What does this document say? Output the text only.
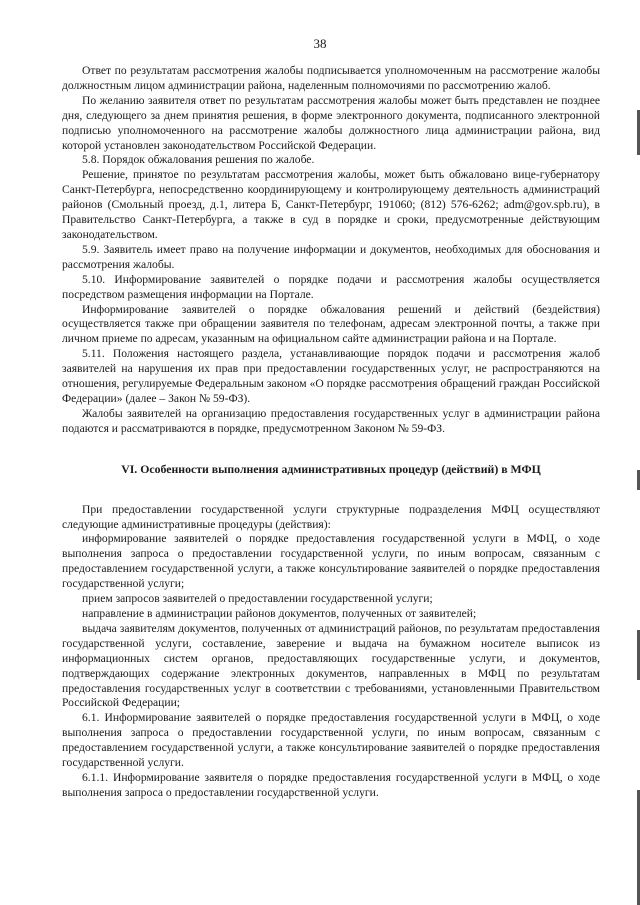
38

Ответ по результатам рассмотрения жалобы подписывается уполномоченным на рассмотрение жалобы должностным лицом администрации района, наделенным полномочиями по рассмотрению жалоб.

По желанию заявителя ответ по результатам рассмотрения жалобы может быть представлен не позднее дня, следующего за днем принятия решения, в форме электронного документа, подписанного электронной подписью уполномоченного на рассмотрение жалобы должностного лица администрации района, вид которой установлен законодательством Российской Федерации.

5.8. Порядок обжалования решения по жалобе.

Решение, принятое по результатам рассмотрения жалобы, может быть обжаловано вице-губернатору Санкт-Петербурга, непосредственно координирующему и контролирующему деятельность администраций районов (Смольный проезд, д.1, литера Б, Санкт-Петербург, 191060; (812) 576-6262; adm@gov.spb.ru), в Правительство Санкт-Петербурга, а также в суд в порядке и сроки, предусмотренные действующим законодательством.

5.9. Заявитель имеет право на получение информации и документов, необходимых для обоснования и рассмотрения жалобы.

5.10. Информирование заявителей о порядке подачи и рассмотрения жалобы осуществляется посредством размещения информации на Портале.

Информирование заявителей о порядке обжалования решений и действий (бездействия) осуществляется также при обращении заявителя по телефонам, адресам электронной почты, а также при личном приеме по адресам, указанным на официальном сайте администрации района и на Портале.

5.11. Положения настоящего раздела, устанавливающие порядок подачи и рассмотрения жалоб заявителей на нарушения их прав при предоставлении государственных услуг, не распространяются на отношения, регулируемые Федеральным законом «О порядке рассмотрения обращений граждан Российской Федерации» (далее – Закон № 59-ФЗ).

Жалобы заявителей на организацию предоставления государственных услуг в администрации района подаются и рассматриваются в порядке, предусмотренном Законом № 59-ФЗ.

VI. Особенности выполнения административных процедур (действий) в МФЦ

При предоставлении государственной услуги структурные подразделения МФЦ осуществляют следующие административные процедуры (действия):

информирование заявителей о порядке предоставления государственной услуги в МФЦ, о ходе выполнения запроса о предоставлении государственной услуги, по иным вопросам, связанным с предоставлением государственной услуги, а также консультирование заявителей о порядке предоставления государственной услуги;

прием запросов заявителей о предоставлении государственной услуги;

направление в администрации районов документов, полученных от заявителей;

выдача заявителям документов, полученных от администраций районов, по результатам предоставления государственной услуги, составление, заверение и выдача на бумажном носителе выписок из информационных систем органов, предоставляющих государственные услуги, и документов, подтверждающих содержание электронных документов, направленных в МФЦ по результатам предоставления государственных услуг в соответствии с требованиями, установленными Правительством Российской Федерации;

6.1. Информирование заявителей о порядке предоставления государственной услуги в МФЦ, о ходе выполнения запроса о предоставлении государственной услуги, по иным вопросам, связанным с предоставлением государственной услуги, а также консультирование заявителей о порядке предоставления государственной услуги.

6.1.1. Информирование заявителя о порядке предоставления государственной услуги в МФЦ, о ходе выполнения запроса о предоставлении государственной услуги.
